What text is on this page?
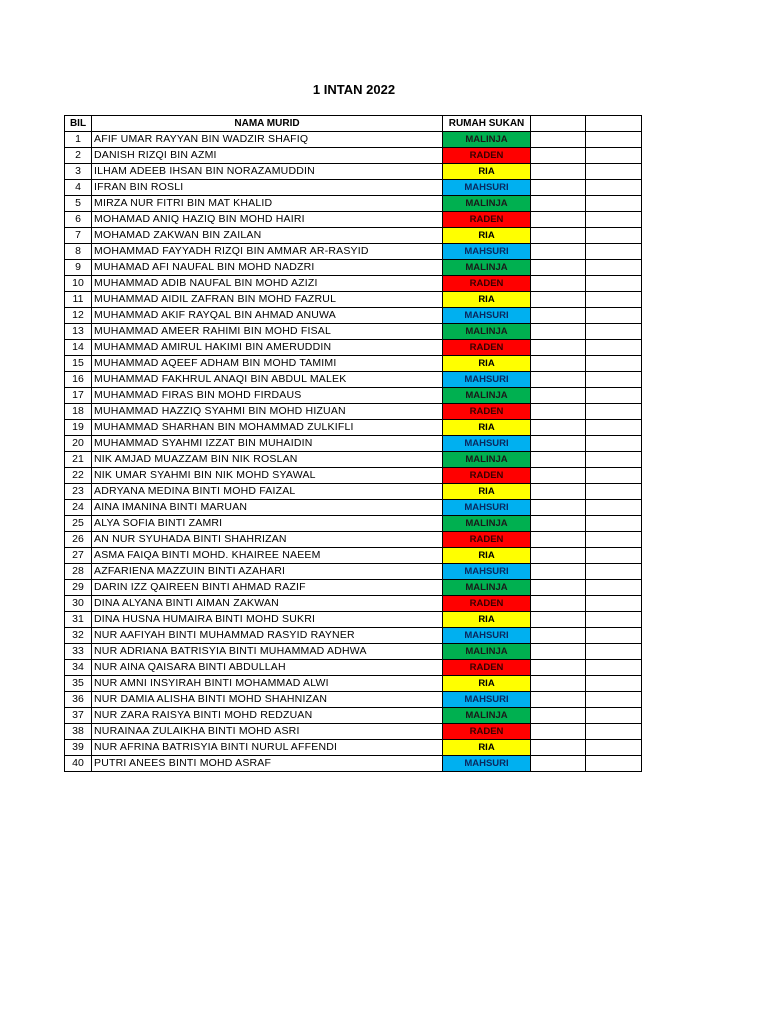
1 INTAN 2022
BIL	NAMA MURID	RUMAH SUKAN		
1	AFIF UMAR RAYYAN BIN WADZIR SHAFIQ	MALINJA		
2	DANISH RIZQI BIN AZMI	RADEN		
3	ILHAM ADEEB IHSAN BIN NORAZAMUDDIN	RIA		
4	IFRAN BIN ROSLI	MAHSURI		
5	MIRZA NUR FITRI BIN MAT KHALID	MALINJA		
6	MOHAMAD ANIQ HAZIQ BIN MOHD HAIRI	RADEN		
7	MOHAMAD ZAKWAN BIN ZAILAN	RIA		
8	MOHAMMAD FAYYADH RIZQI BIN AMMAR AR-RASYID	MAHSURI		
9	MUHAMAD AFI NAUFAL BIN MOHD NADZRI	MALINJA		
10	MUHAMMAD ADIB NAUFAL BIN MOHD AZIZI	RADEN		
11	MUHAMMAD AIDIL ZAFRAN BIN MOHD FAZRUL	RIA		
12	MUHAMMAD AKIF RAYQAL BIN AHMAD ANUWA	MAHSURI		
13	MUHAMMAD AMEER RAHIMI BIN MOHD FISAL	MALINJA		
14	MUHAMMAD AMIRUL HAKIMI BIN AMERUDDIN	RADEN		
15	MUHAMMAD AQEEF ADHAM BIN MOHD TAMIMI	RIA		
16	MUHAMMAD FAKHRUL ANAQI BIN ABDUL MALEK	MAHSURI		
17	MUHAMMAD FIRAS BIN MOHD FIRDAUS	MALINJA		
18	MUHAMMAD HAZZIQ SYAHMI BIN MOHD HIZUAN	RADEN		
19	MUHAMMAD SHARHAN BIN MOHAMMAD ZULKIFLI	RIA		
20	MUHAMMAD SYAHMI IZZAT BIN MUHAIDIN	MAHSURI		
21	NIK AMJAD MUAZZAM BIN NIK ROSLAN	MALINJA		
22	NIK UMAR SYAHMI BIN NIK MOHD SYAWAL	RADEN		
23	ADRYANA MEDINA BINTI MOHD FAIZAL	RIA		
24	AINA IMANINA BINTI MARUAN	MAHSURI		
25	ALYA SOFIA BINTI ZAMRI	MALINJA		
26	AN NUR SYUHADA BINTI SHAHRIZAN	RADEN		
27	ASMA FAIQA BINTI MOHD. KHAIREE NAEEM	RIA		
28	AZFARIENA MAZZUIN BINTI AZAHARI	MAHSURI		
29	DARIN IZZ QAIREEN BINTI AHMAD RAZIF	MALINJA		
30	DINA ALYANA BINTI AIMAN ZAKWAN	RADEN		
31	DINA HUSNA HUMAIRA BINTI MOHD SUKRI	RIA		
32	NUR AAFIYAH BINTI MUHAMMAD RASYID RAYNER	MAHSURI		
33	NUR ADRIANA BATRISYIA BINTI MUHAMMAD ADHWA	MALINJA		
34	NUR AINA QAISARA BINTI ABDULLAH	RADEN		
35	NUR AMNI INSYIRAH BINTI MOHAMMAD ALWI	RIA		
36	NUR DAMIA ALISHA BINTI MOHD SHAHNIZAN	MAHSURI		
37	NUR ZARA RAISYA BINTI MOHD REDZUAN	MALINJA		
38	NURAINAA ZULAIKHA BINTI MOHD ASRI	RADEN		
39	NUR AFRINA BATRISYIA BINTI NURUL AFFENDI	RIA		
40	PUTRI ANEES BINTI MOHD ASRAF	MAHSURI		
